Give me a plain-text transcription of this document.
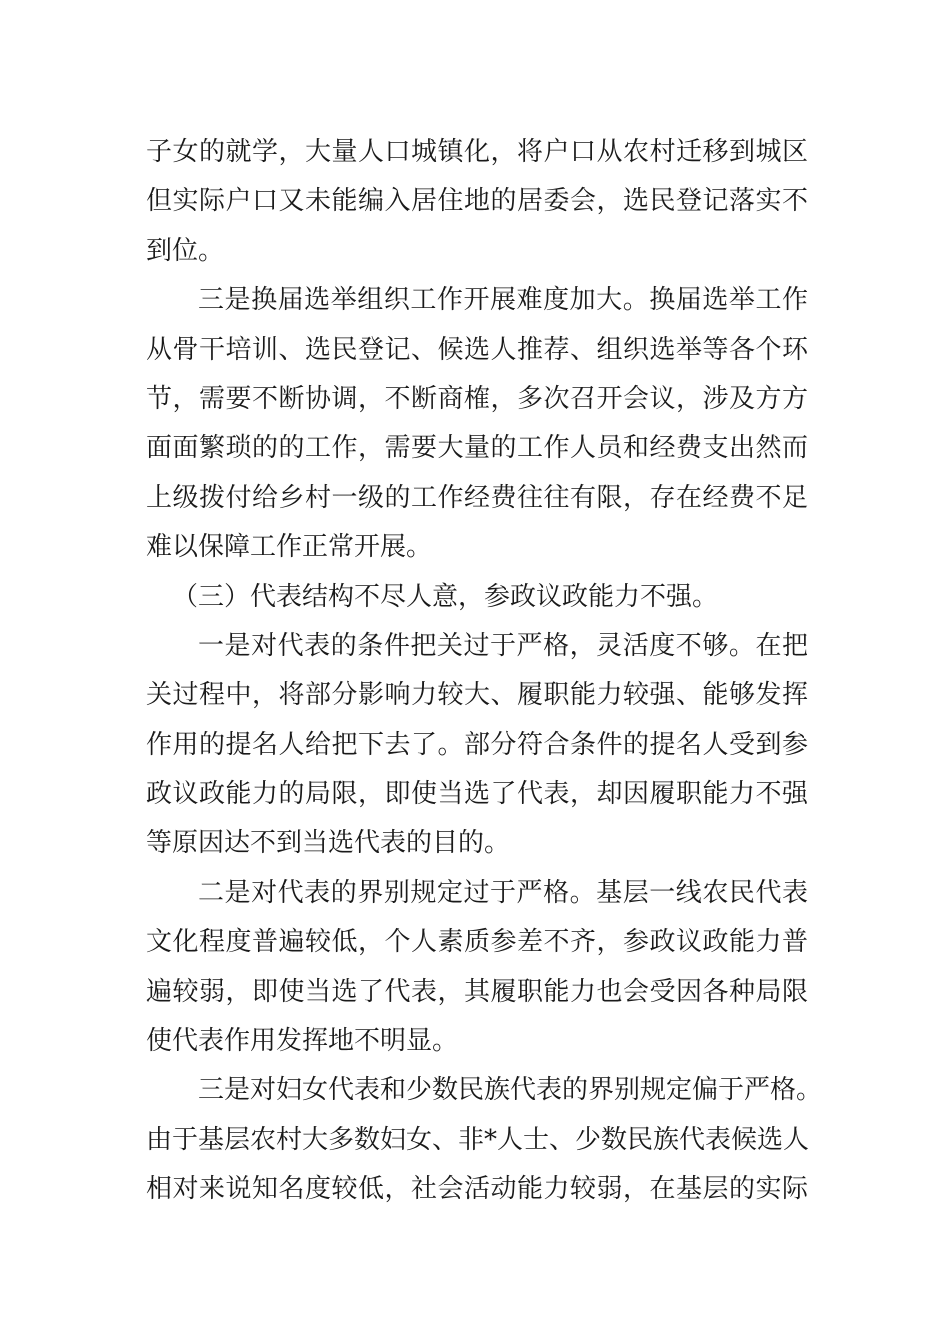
子女的就学，大量人口城镇化，将户口从农村迁移到城区
但实际户口又未能编入居住地的居委会，选民登记落实不
到位。
三是换届选举组织工作开展难度加大。换届选举工作
从骨干培训、选民登记、候选人推荐、组织选举等各个环
节，需要不断协调，不断商榷，多次召开会议，涉及方方
面面繁琐的的工作，需要大量的工作人员和经费支出然而
上级拨付给乡村一级的工作经费往往有限，存在经费不足
难以保障工作正常开展。
（三）代表结构不尽人意，参政议政能力不强。
一是对代表的条件把关过于严格，灵活度不够。在把
关过程中，将部分影响力较大、履职能力较强、能够发挥
作用的提名人给把下去了。部分符合条件的提名人受到参
政议政能力的局限，即使当选了代表，却因履职能力不强
等原因达不到当选代表的目的。
二是对代表的界别规定过于严格。基层一线农民代表
文化程度普遍较低，个人素质参差不齐，参政议政能力普
遍较弱，即使当选了代表，其履职能力也会受因各种局限
使代表作用发挥地不明显。
三是对妇女代表和少数民族代表的界别规定偏于严格。
由于基层农村大多数妇女、非*人士、少数民族代表候选人
相对来说知名度较低，社会活动能力较弱，在基层的实际
